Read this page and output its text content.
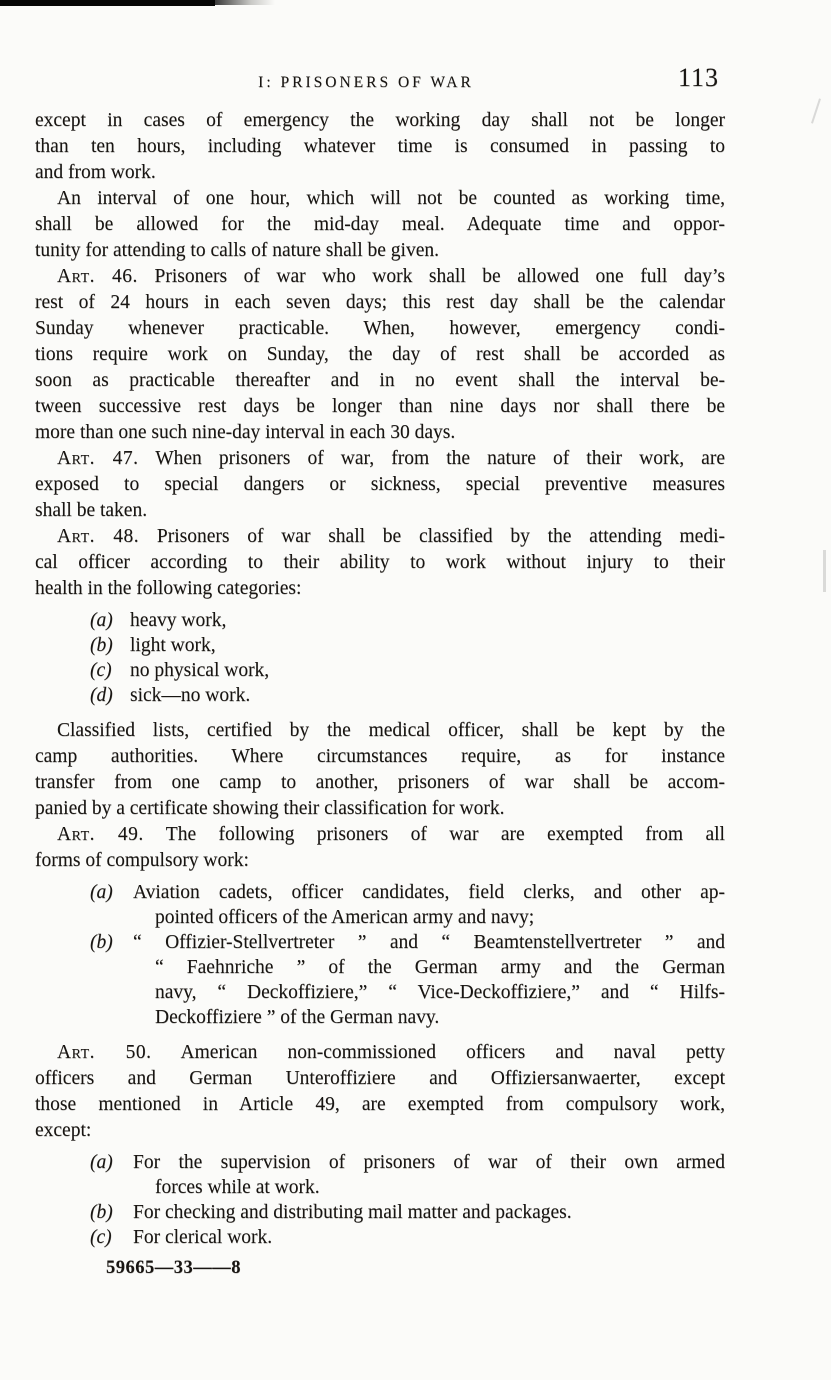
I: PRISONERS OF WAR	113
except in cases of emergency the working day shall not be longer
than ten hours, including whatever time is consumed in passing to
and from work.
An interval of one hour, which will not be counted as working time,
shall be allowed for the mid-day meal. Adequate time and oppor-
tunity for attending to calls of nature shall be given.
Art. 46. Prisoners of war who work shall be allowed one full day’s
rest of 24 hours in each seven days; this rest day shall be the calendar
Sunday whenever practicable. When, however, emergency condi-
tions require work on Sunday, the day of rest shall be accorded as
soon as practicable thereafter and in no event shall the interval be-
tween successive rest days be longer than nine days nor shall there be
more than one such nine-day interval in each 30 days.
Art. 47. When prisoners of war, from the nature of their work, are
exposed to special dangers or sickness, special preventive measures
shall be taken.
Art. 48. Prisoners of war shall be classified by the attending medi-
cal officer according to their ability to work without injury to their
health in the following categories:
(a) heavy work,
(b) light work,
(c) no physical work,
(d) sick—no work.
Classified lists, certified by the medical officer, shall be kept by the
camp authorities. Where circumstances require, as for instance
transfer from one camp to another, prisoners of war shall be accom-
panied by a certificate showing their classification for work.
Art. 49. The following prisoners of war are exempted from all
forms of compulsory work:
(a) Aviation cadets, officer candidates, field clerks, and other ap-
pointed officers of the American army and navy;
(b) “ Offizier-Stellvertreter ” and “ Beamtenstellvertreter ” and
“ Faehnriche ” of the German army and the German
navy, “ Deckoffiziere,” “ Vice-Deckoffiziere,” and “ Hilfs-
Deckoffiziere ” of the German navy.
Art. 50. American non-commissioned officers and naval petty
officers and German Unteroffiziere and Offiziersanwaerter, except
those mentioned in Article 49, are exempted from compulsory work,
except:
(a) For the supervision of prisoners of war of their own armed
forces while at work.
(b) For checking and distributing mail matter and packages.
(c) For clerical work.
59665—33——8
